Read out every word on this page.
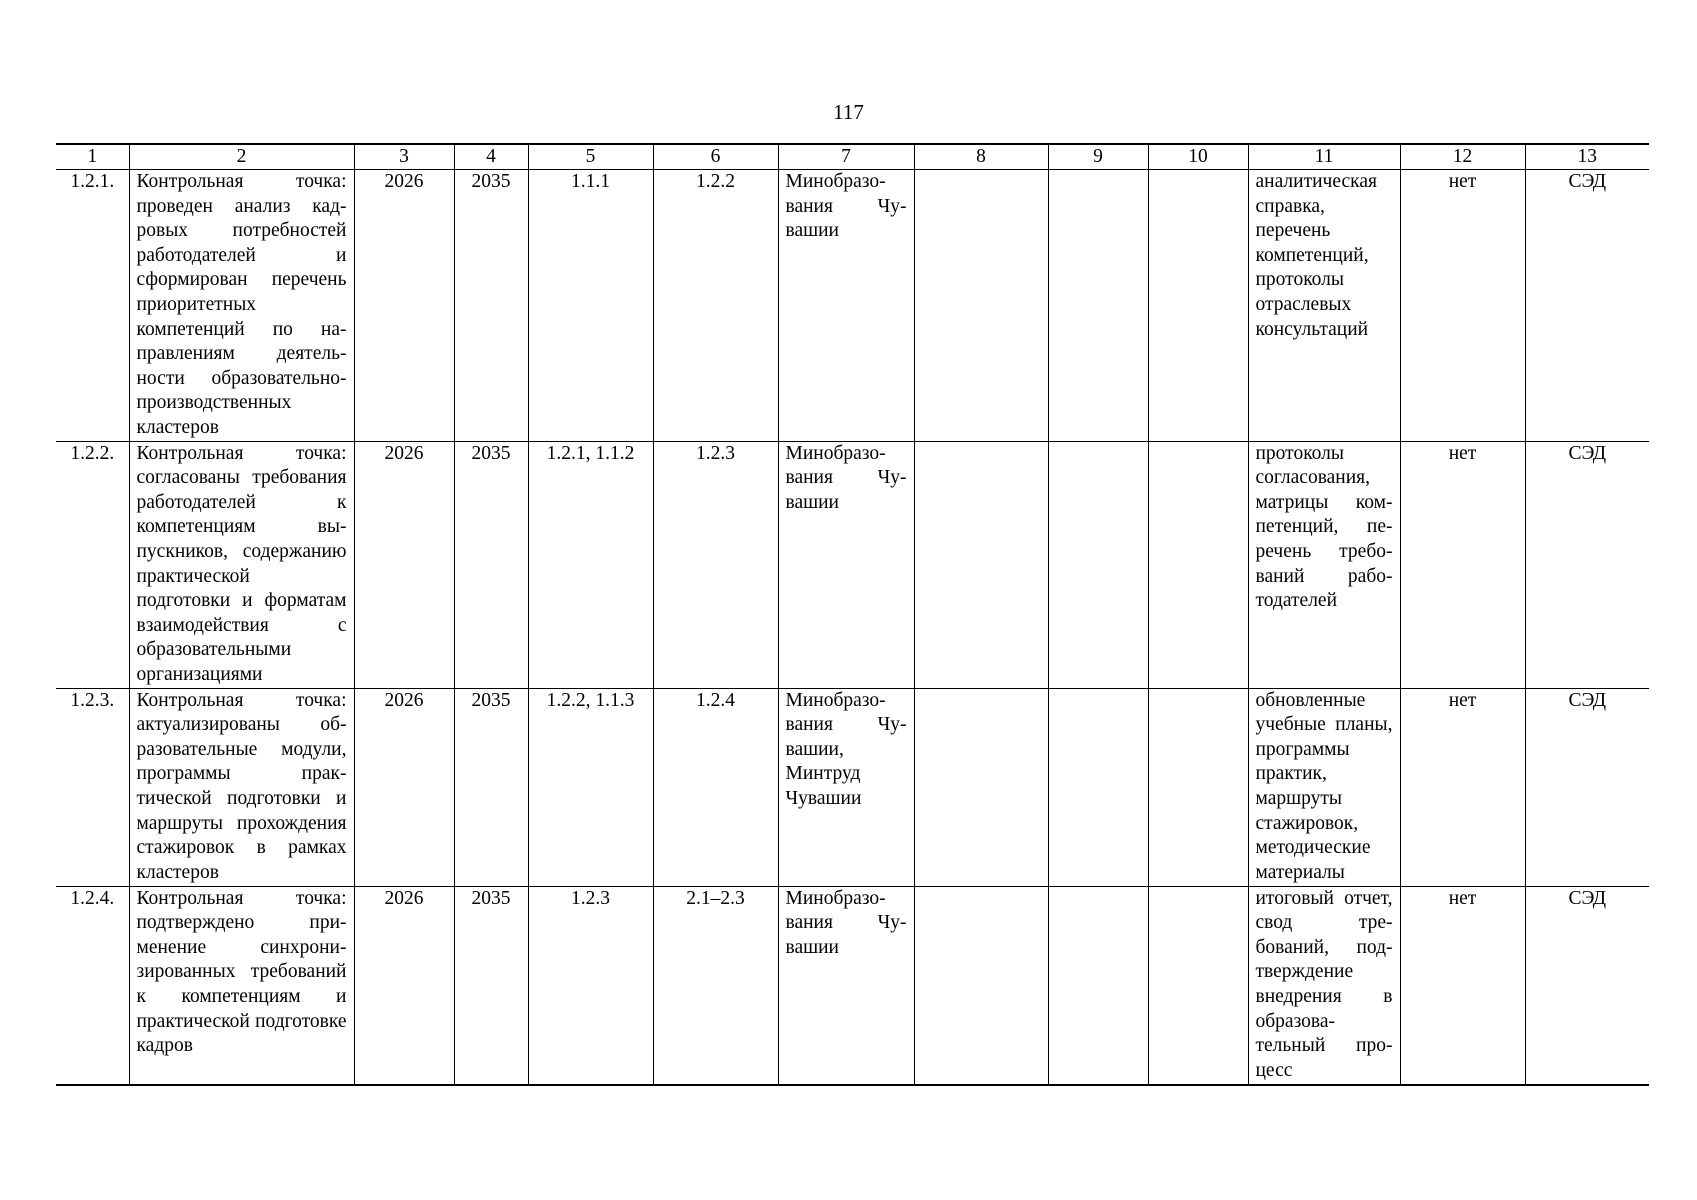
117
1	2	3	4	5	6	7	8	9	10	11	12	13
1.2.1.	Контрольная точка: проведен анализ кадровых потребностей работодателей и сформирован перечень приоритетных компетенций по направлениям деятельности образовательно-производственных кластеров	2026	2035	1.1.1	1.2.2	Минобразования Чувашии				аналитическая справка, перечень компетенций, протоколы отраслевых консультаций	нет	СЭД
1.2.2.	Контрольная точка: согласованы требования работодателей к компетенциям выпускников, содержанию практической подготовки и форматам взаимодействия с образовательными организациями	2026	2035	1.2.1, 1.1.2	1.2.3	Минобразования Чувашии				протоколы согласования, матрицы компетенций, перечень требований работодателей	нет	СЭД
1.2.3.	Контрольная точка: актуализированы образовательные модули, программы практической подготовки и маршруты прохождения стажировок в рамках кластеров	2026	2035	1.2.2, 1.1.3	1.2.4	Минобразования Чувашии, Минтруд Чувашии				обновленные учебные планы, программы практик, маршруты стажировок, методические материалы	нет	СЭД
1.2.4.	Контрольная точка: подтверждено применение синхронизированных требований к компетенциям и практической подготовке кадров	2026	2035	1.2.3	2.1–2.3	Минобразования Чувашии				итоговый отчет, свод требований, подтверждение внедрения в образовательный процесс	нет	СЭД
